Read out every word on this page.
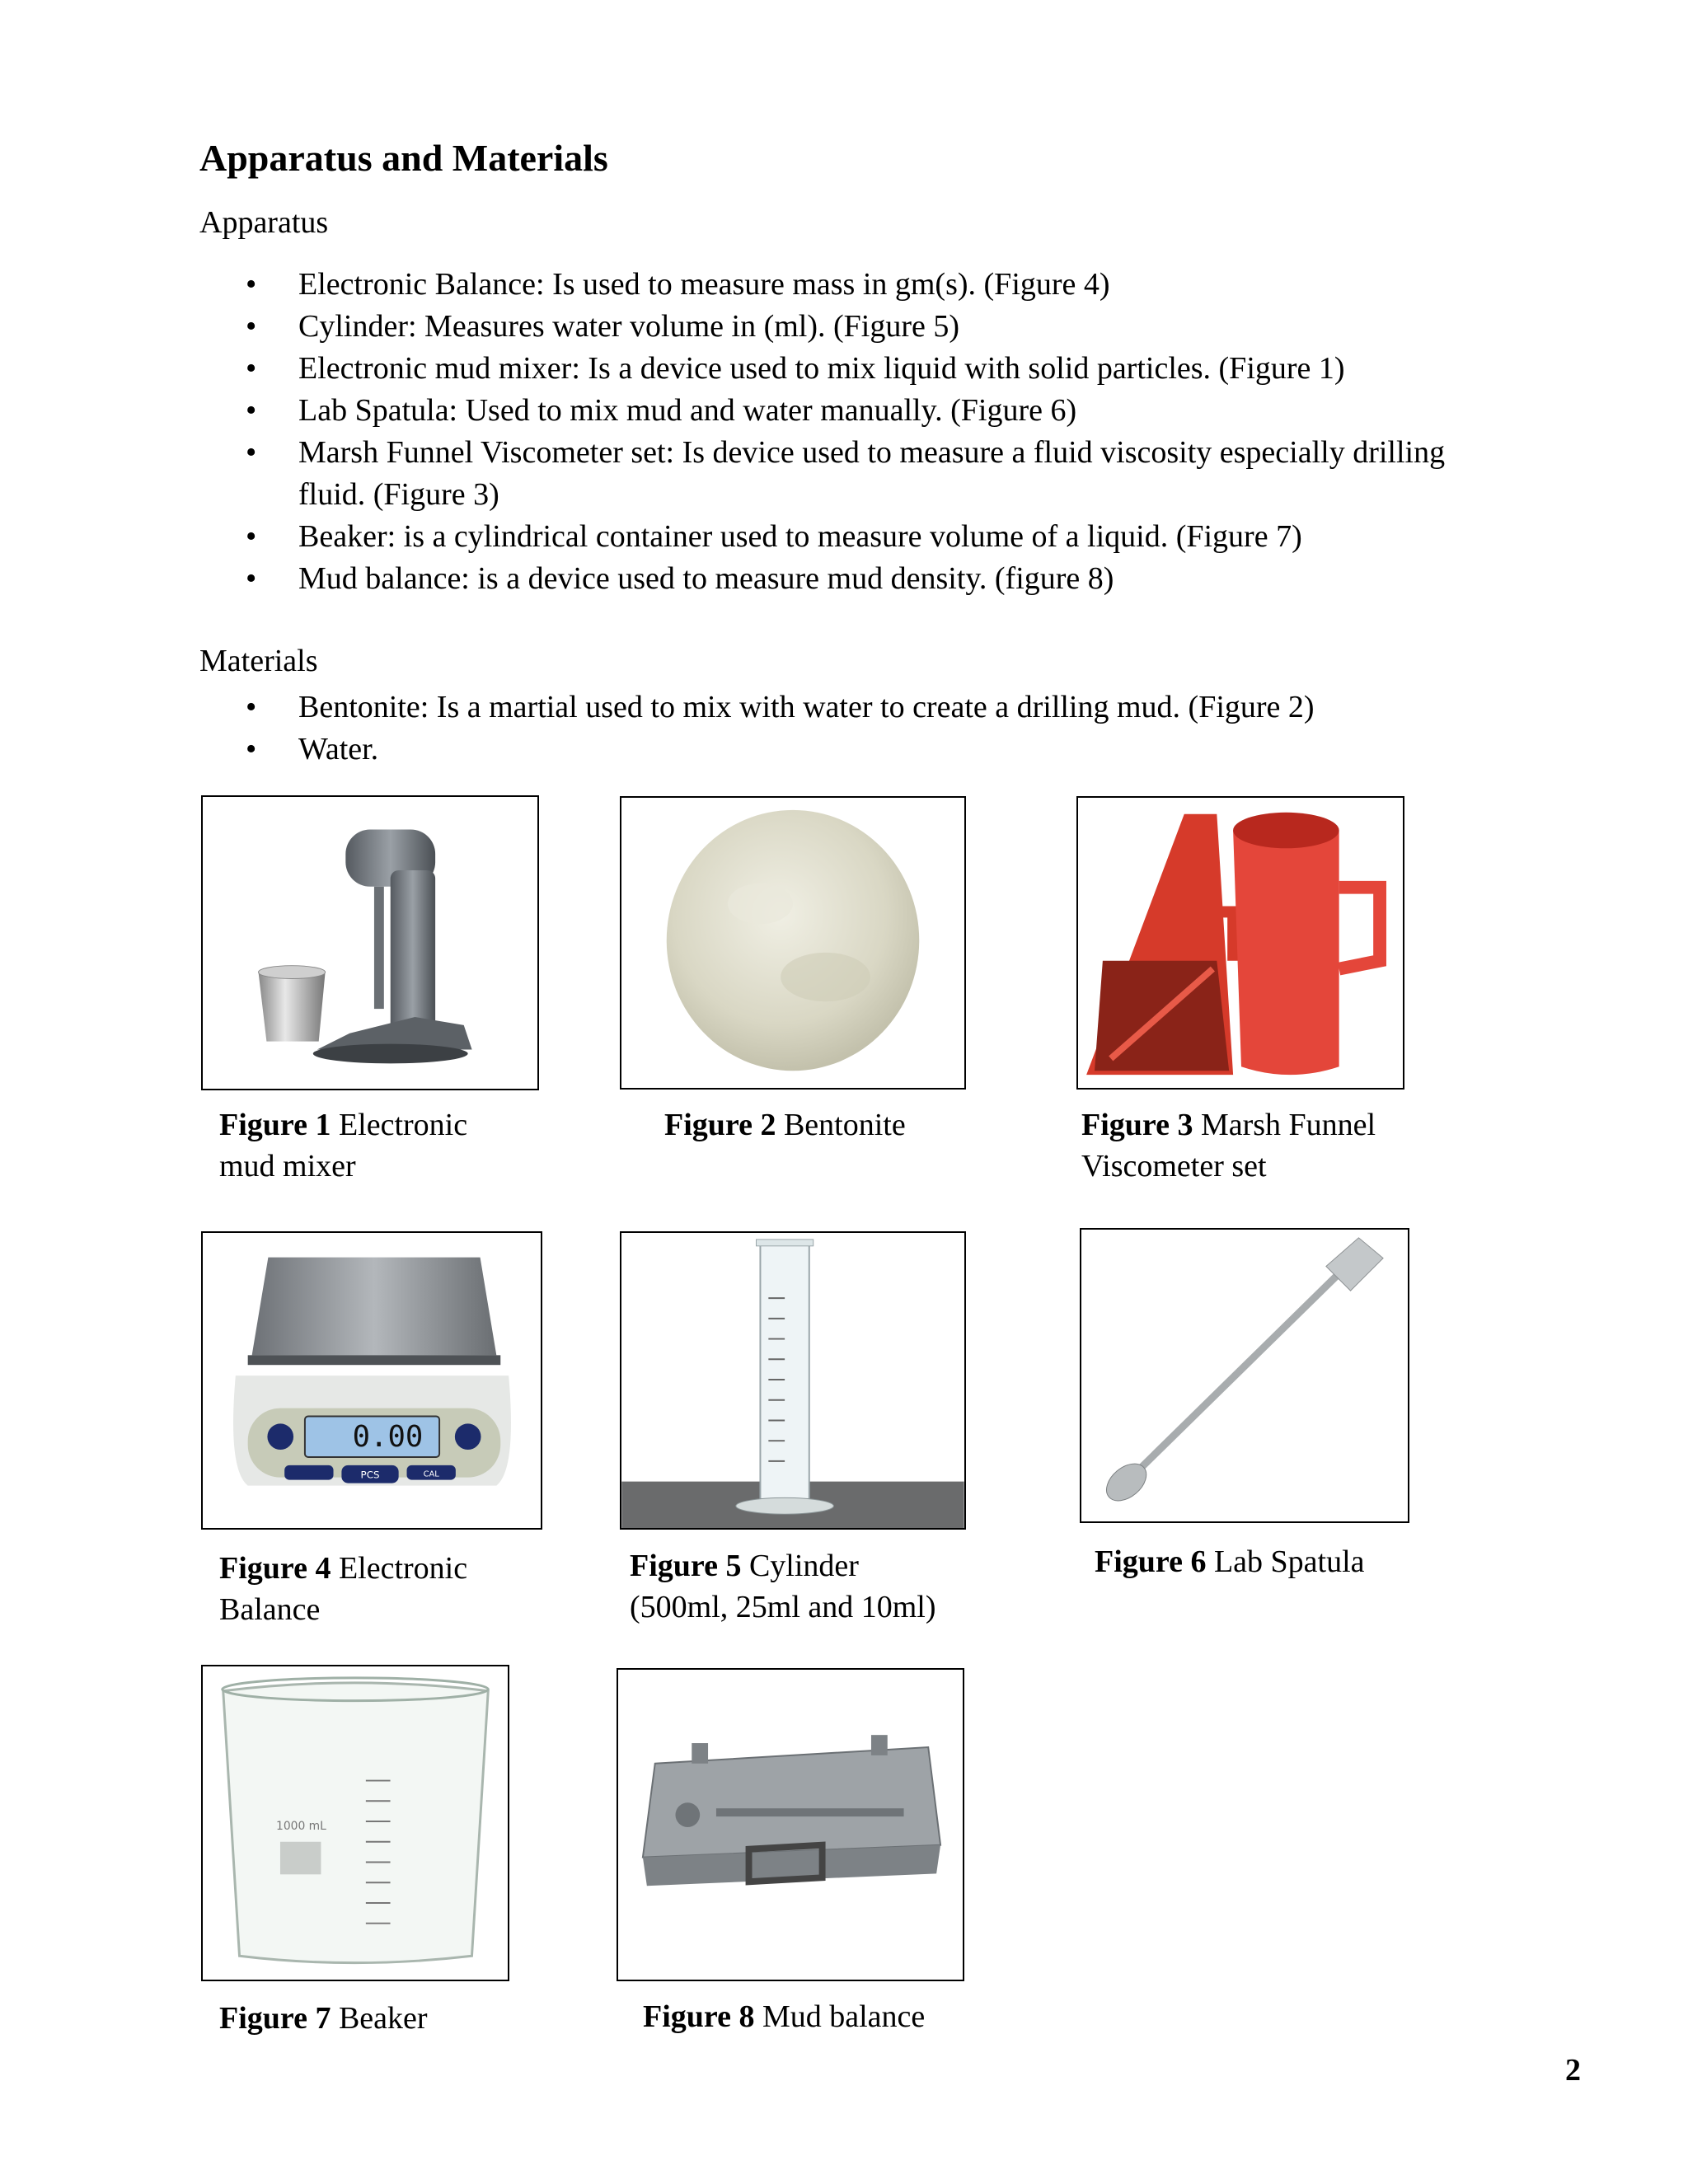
Apparatus and Materials
Apparatus
• Electronic Balance: Is used to measure mass in gm(s). (Figure 4)
• Cylinder: Measures water volume in (ml). (Figure 5)
• Electronic mud mixer: Is a device used to mix liquid with solid particles. (Figure 1)
• Lab Spatula: Used to mix mud and water manually. (Figure 6)
• Marsh Funnel Viscometer set: Is device used to measure a fluid viscosity especially drilling fluid. (Figure 3)
• Beaker: is a cylindrical container used to measure volume of a liquid. (Figure 7)
• Mud balance: is a device used to measure mud density. (figure 8)
Materials
• Bentonite: Is a martial used to mix with water to create a drilling mud. (Figure 2)
• Water.
Figure 1 Electronic mud mixer
Figure 2 Bentonite	Figure 3 Marsh Funnel Viscometer set
0.00
PCS	CAL
Figure 4 Electronic Balance
Figure 5 Cylinder (500ml, 25ml and 10ml)
Figure 6 Lab Spatula
1000 mL
Figure 7 Beaker	Figure 8 Mud balance
2
